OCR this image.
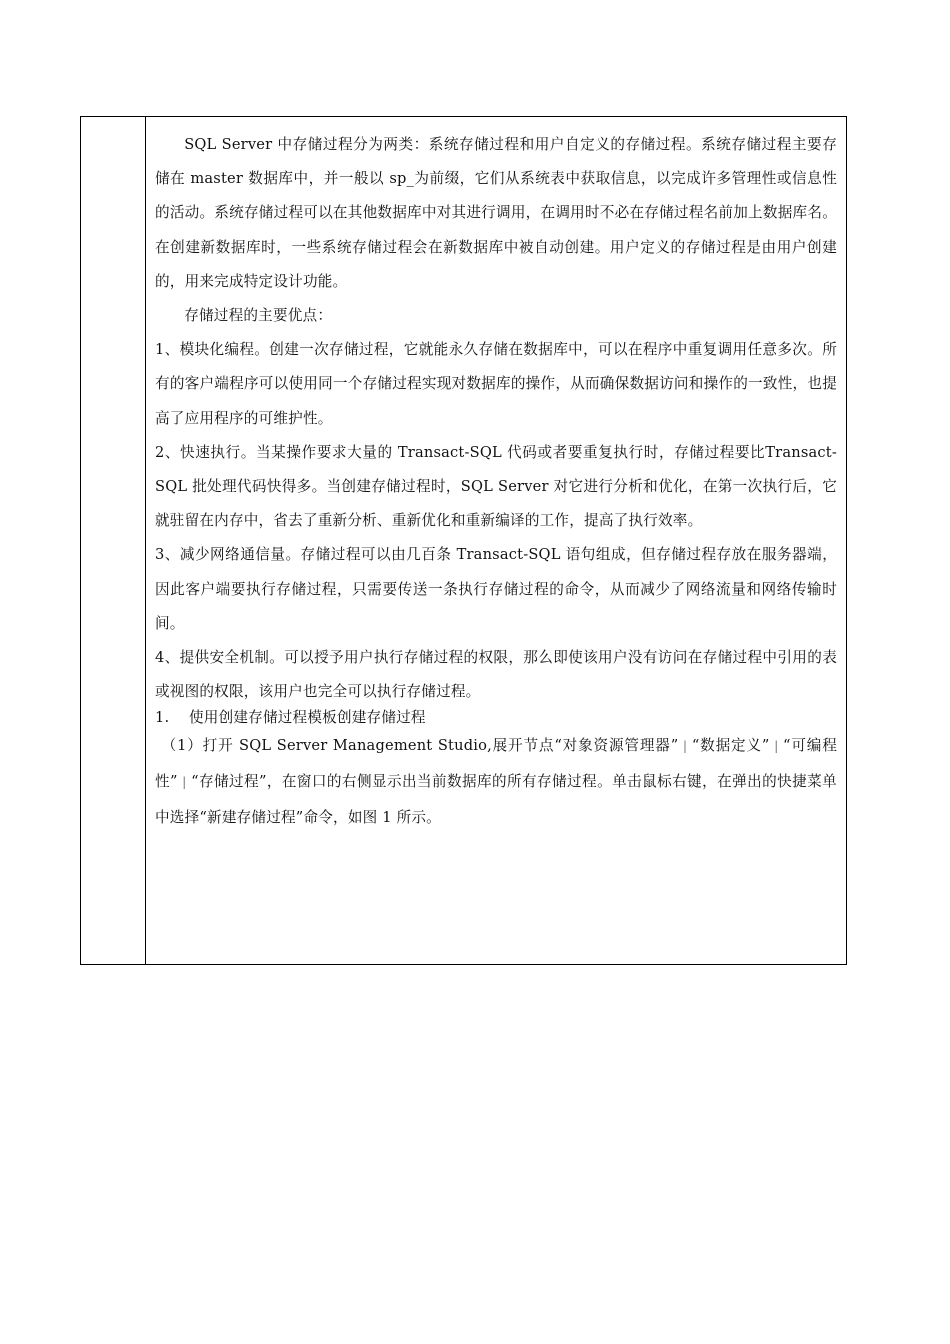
SQL Server 中存储过程分为两类：系统存储过程和用户自定义的存储过程。系统存储过程主要存储在 master 数据库中，并一般以 sp_为前缀，它们从系统表中获取信息，以完成许多管理性或信息性的活动。系统存储过程可以在其他数据库中对其进行调用，在调用时不必在存储过程名前加上数据库名。在创建新数据库时，一些系统存储过程会在新数据库中被自动创建。用户定义的存储过程是由用户创建的，用来完成特定设计功能。

存储过程的主要优点：

1、模块化编程。创建一次存储过程，它就能永久存储在数据库中，可以在程序中重复调用任意多次。所有的客户端程序可以使用同一个存储过程实现对数据库的操作，从而确保数据访问和操作的一致性，也提高了应用程序的可维护性。

2、快速执行。当某操作要求大量的 Transact-SQL 代码或者要重复执行时，存储过程要比Transact-SQL 批处理代码快得多。当创建存储过程时，SQL Server 对它进行分析和优化，在第一次执行后，它就驻留在内存中，省去了重新分析、重新优化和重新编译的工作，提高了执行效率。

3、减少网络通信量。存储过程可以由几百条 Transact-SQL 语句组成，但存储过程存放在服务器端，因此客户端要执行存储过程，只需要传送一条执行存储过程的命令，从而减少了网络流量和网络传输时间。

4、提供安全机制。可以授予用户执行存储过程的权限，那么即使该用户没有访问在存储过程中引用的表或视图的权限，该用户也完全可以执行存储过程。

1. 使用创建存储过程模板创建存储过程

（1）打开 SQL Server Management Studio,展开节点“对象资源管理器” | “数据定义” | “可编程性” | “存储过程”，在窗口的右侧显示出当前数据库的所有存储过程。单击鼠标右键，在弹出的快捷菜单中选择“新建存储过程”命令，如图 1 所示。
